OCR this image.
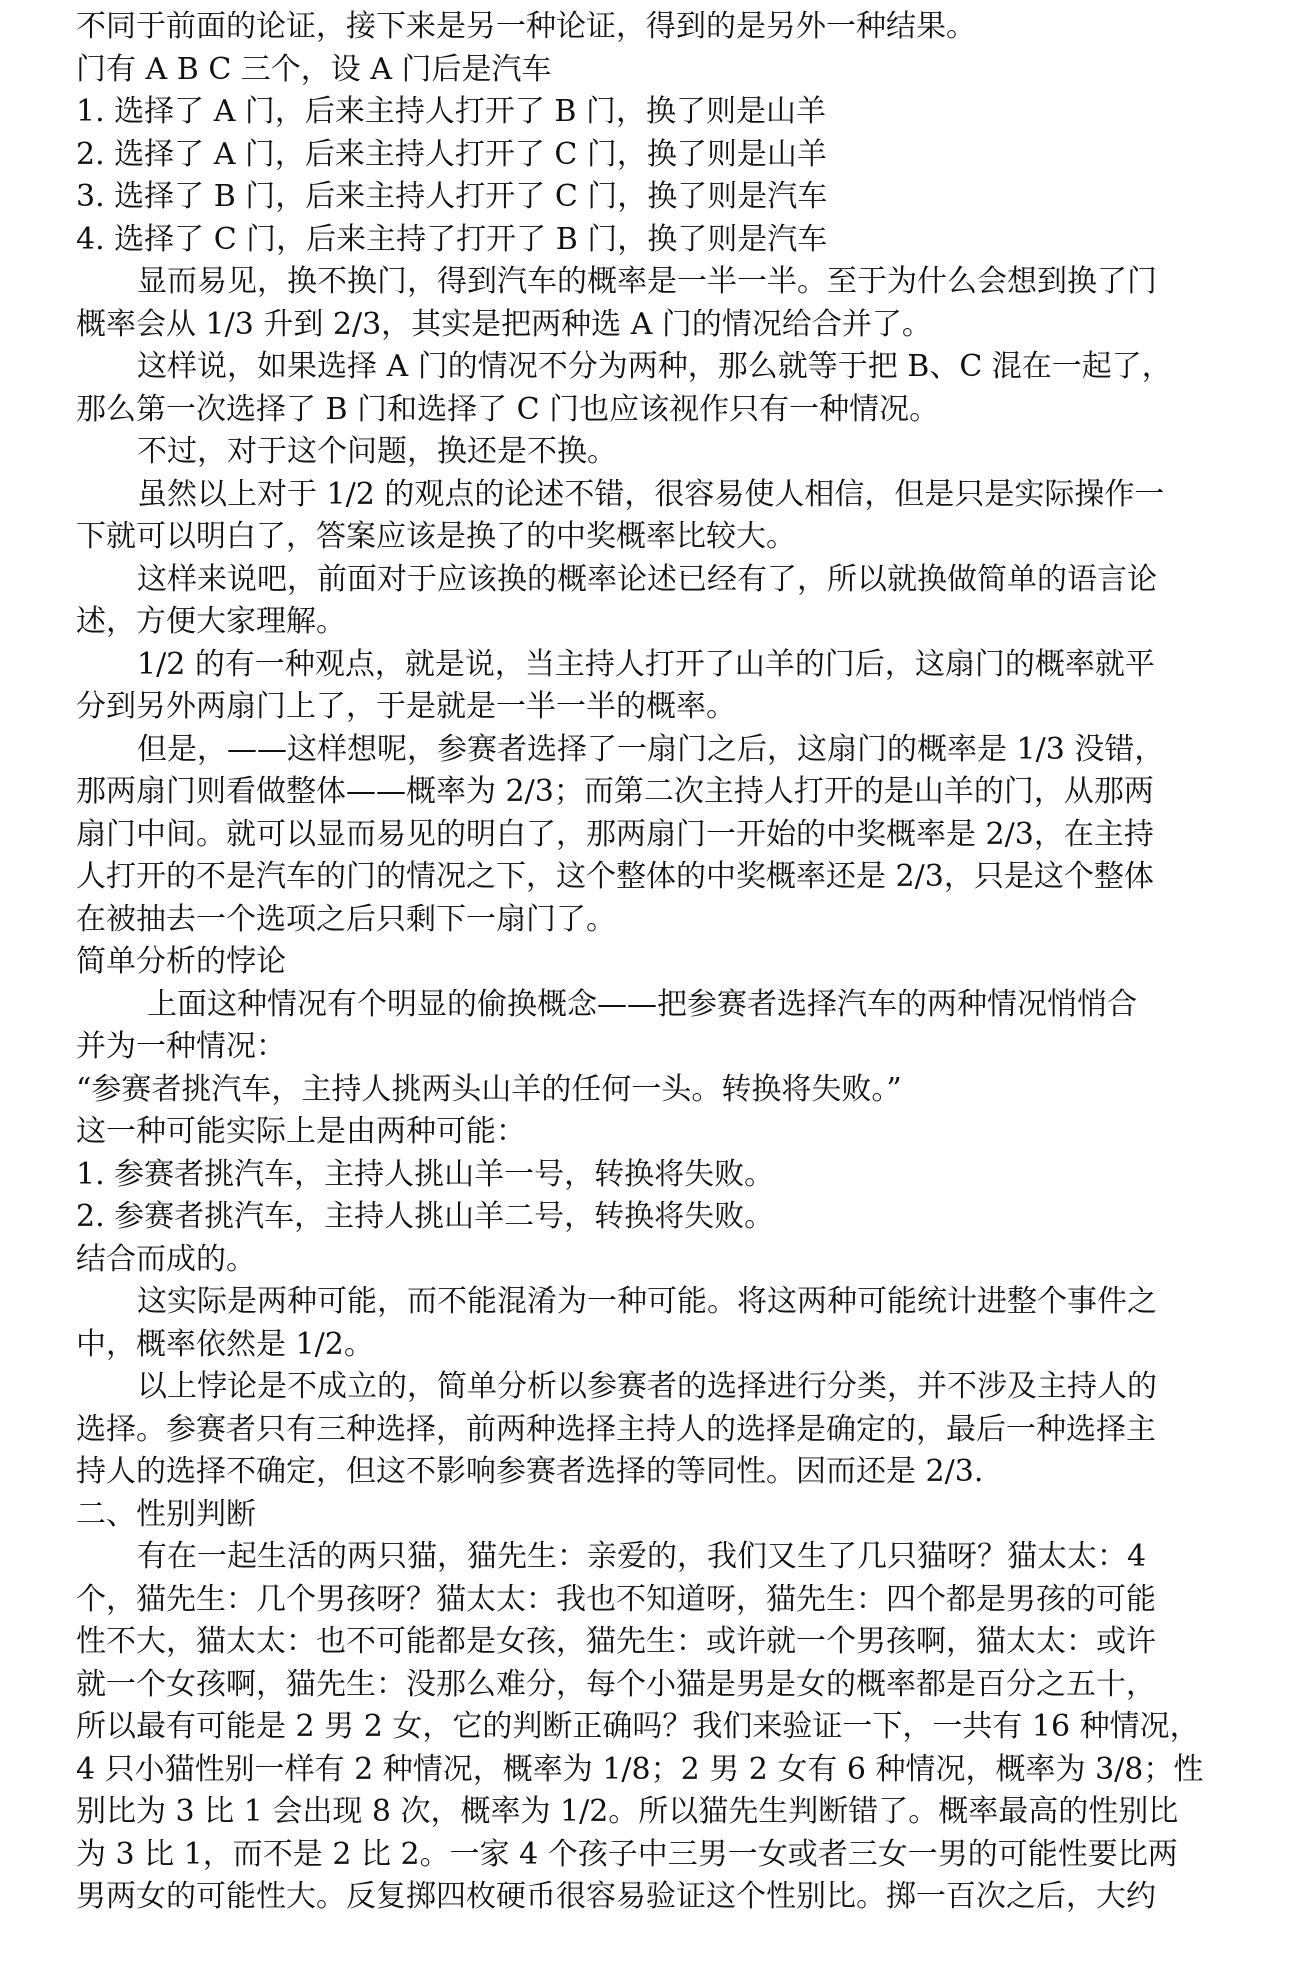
不同于前面的论证，接下来是另一种论证，得到的是另外一种结果。
门有 A B C 三个，设 A 门后是汽车
1. 选择了 A 门，后来主持人打开了 B 门，换了则是山羊
2. 选择了 A 门，后来主持人打开了 C 门，换了则是山羊
3. 选择了 B 门，后来主持人打开了 C 门，换了则是汽车
4. 选择了 C 门，后来主持了打开了 B 门，换了则是汽车
显而易见，换不换门，得到汽车的概率是一半一半。至于为什么会想到换了门
概率会从 1/3 升到 2/3，其实是把两种选 A 门的情况给合并了。
这样说，如果选择 A 门的情况不分为两种，那么就等于把 B、C 混在一起了，
那么第一次选择了 B 门和选择了 C 门也应该视作只有一种情况。
不过，对于这个问题，换还是不换。
虽然以上对于 1/2 的观点的论述不错，很容易使人相信，但是只是实际操作一
下就可以明白了，答案应该是换了的中奖概率比较大。
这样来说吧，前面对于应该换的概率论述已经有了，所以就换做简单的语言论
述，方便大家理解。
1/2 的有一种观点，就是说，当主持人打开了山羊的门后，这扇门的概率就平
分到另外两扇门上了，于是就是一半一半的概率。
但是，——这样想呢，参赛者选择了一扇门之后，这扇门的概率是 1/3 没错，
那两扇门则看做整体——概率为 2/3；而第二次主持人打开的是山羊的门，从那两
扇门中间。就可以显而易见的明白了，那两扇门一开始的中奖概率是 2/3，在主持
人打开的不是汽车的门的情况之下，这个整体的中奖概率还是 2/3，只是这个整体
在被抽去一个选项之后只剩下一扇门了。
简单分析的悖论
上面这种情况有个明显的偷换概念——把参赛者选择汽车的两种情况悄悄合
并为一种情况：
“参赛者挑汽车，主持人挑两头山羊的任何一头。转换将失败。”
这一种可能实际上是由两种可能：
1. 参赛者挑汽车，主持人挑山羊一号，转换将失败。
2. 参赛者挑汽车，主持人挑山羊二号，转换将失败。
结合而成的。
这实际是两种可能，而不能混淆为一种可能。将这两种可能统计进整个事件之
中，概率依然是 1/2。
以上悖论是不成立的，简单分析以参赛者的选择进行分类，并不涉及主持人的
选择。参赛者只有三种选择，前两种选择主持人的选择是确定的，最后一种选择主
持人的选择不确定，但这不影响参赛者选择的等同性。因而还是 2/3.
二、性别判断
有在一起生活的两只猫，猫先生：亲爱的，我们又生了几只猫呀？猫太太：4
个，猫先生：几个男孩呀？猫太太：我也不知道呀，猫先生：四个都是男孩的可能
性不大，猫太太：也不可能都是女孩，猫先生：或许就一个男孩啊，猫太太：或许
就一个女孩啊，猫先生：没那么难分，每个小猫是男是女的概率都是百分之五十，
所以最有可能是 2 男 2 女，它的判断正确吗？我们来验证一下，一共有 16 种情况，
4 只小猫性别一样有 2 种情况，概率为 1/8；2 男 2 女有 6 种情况，概率为 3/8；性
别比为 3 比 1 会出现 8 次，概率为 1/2。所以猫先生判断错了。概率最高的性别比
为 3 比 1，而不是 2 比 2。一家 4 个孩子中三男一女或者三女一男的可能性要比两
男两女的可能性大。反复掷四枚硬币很容易验证这个性别比。掷一百次之后，大约
